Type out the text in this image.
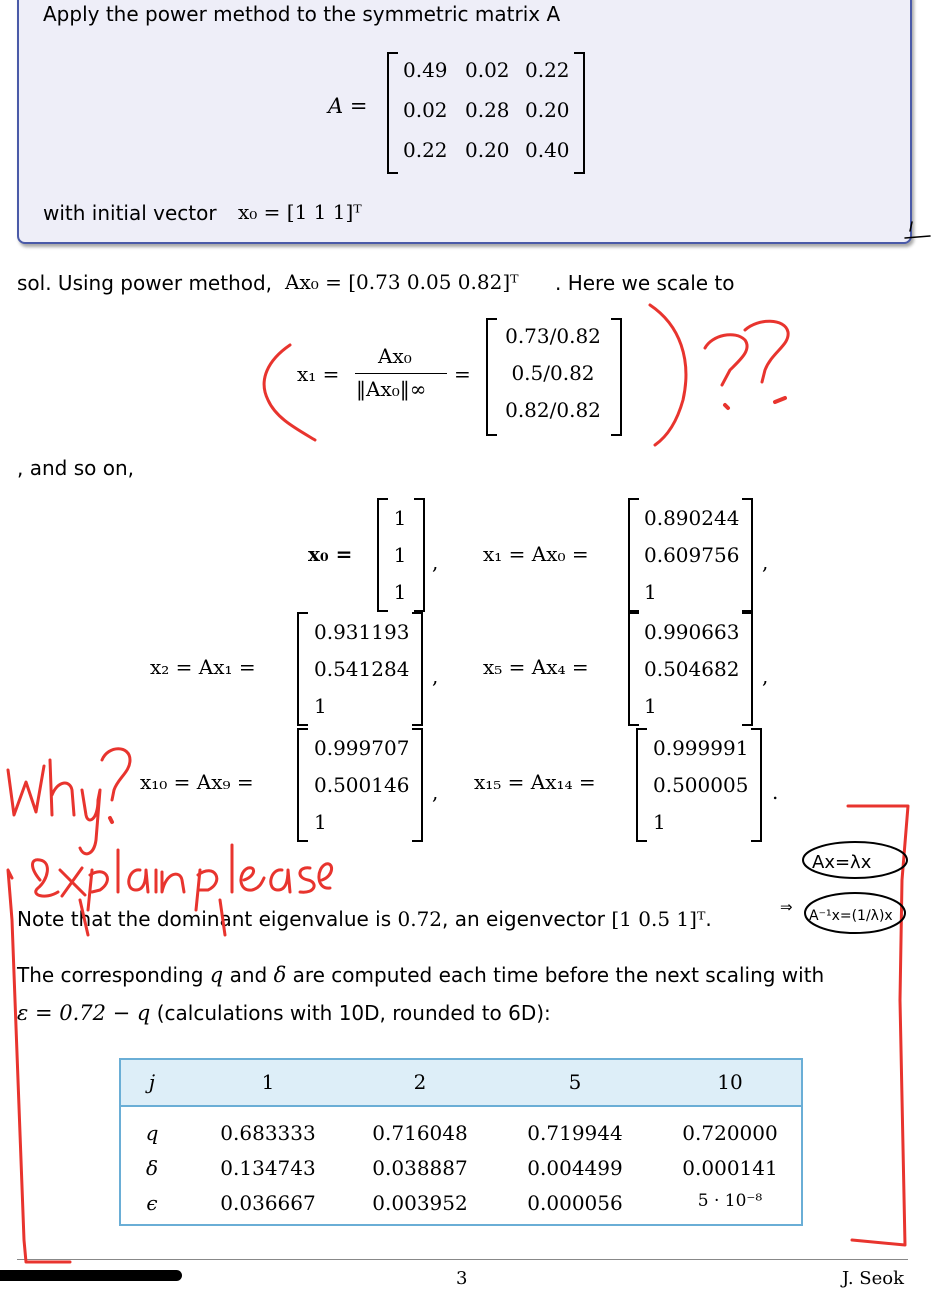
Apply the power method to the symmetric matrix A
A =
0.49 0.02 0.22
0.02 0.28 0.20
0.22 0.20 0.40
with initial vector x₀ = [1 1 1]ᵀ
sol. Using power method, Ax₀ = [0.73 0.05 0.82]ᵀ . Here we scale to
x₁ =
Ax₀
‖Ax₀‖∞
=
0.73/0.82
0.5/0.82
0.82/0.82
, and so on,
x₀ =
1
1
1
, x₁ = Ax₀ =
0.890244
0.609756
1
,
x₂ = Ax₁ =
0.931193
0.541284
1
, x₅ = Ax₄ =
0.990663
0.504682
1
,
x₁₀ = Ax₉ =
0.999707
0.500146
1
, x₁₅ = Ax₁₄ =
0.999991
0.500005
1
.
Note that the dominant eigenvalue is 0.72, an eigenvector [1 0.5 1]ᵀ.
The corresponding q and δ are computed each time before the next scaling with
ε = 0.72 − q (calculations with 10D, rounded to 6D):
j	1	2	5	10
q	0.683333	0.716048	0.719944	0.720000
δ	0.134743	0.038887	0.004499	0.000141
ϵ	0.036667	0.003952	0.000056	5 · 10⁻⁸
3	J. Seok
Ax=λx
A⁻¹x=(1/λ)x
⇒
